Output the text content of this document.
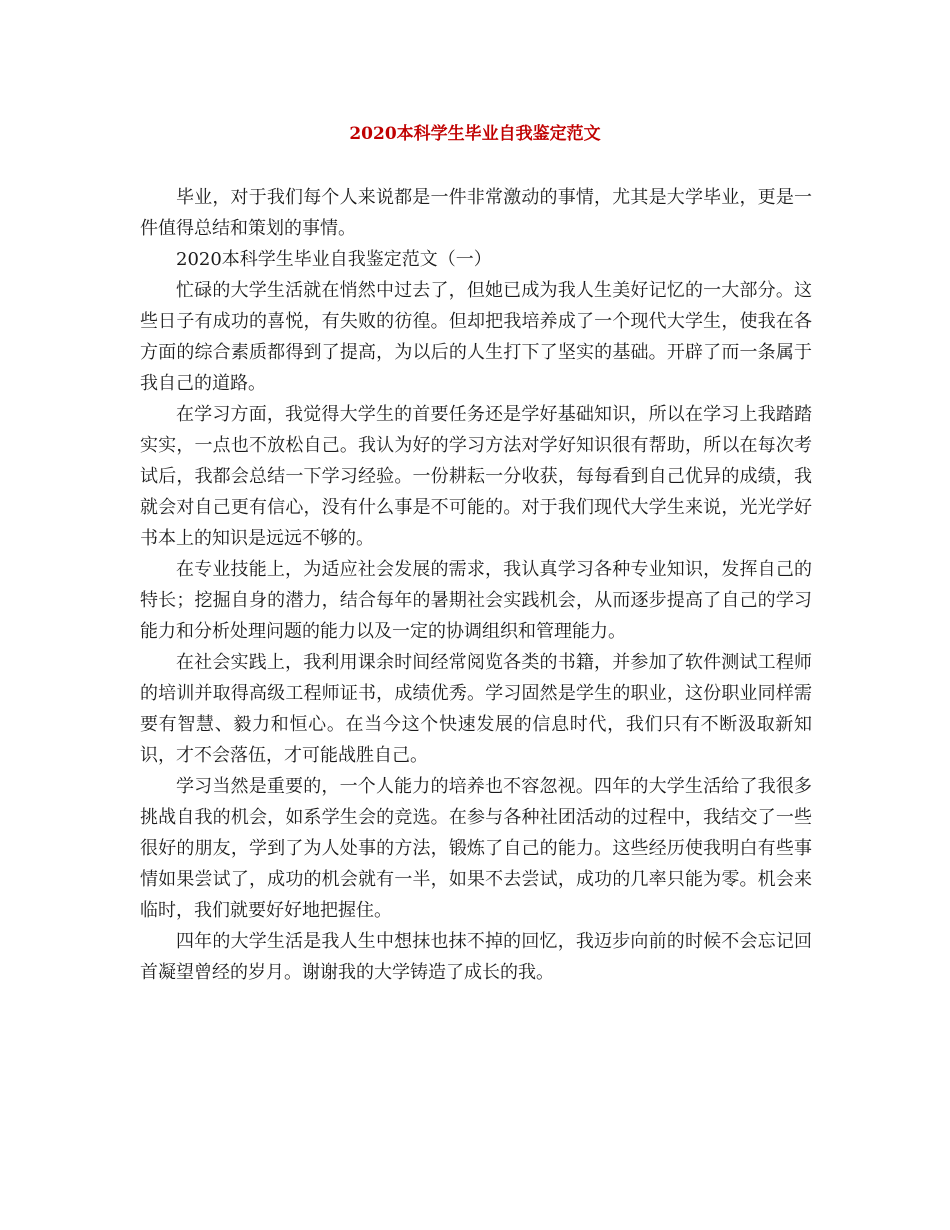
2020本科学生毕业自我鉴定范文

毕业，对于我们每个人来说都是一件非常激动的事情，尤其是大学毕业，更是一件值得总结和策划的事情。

2020本科学生毕业自我鉴定范文（一）

忙碌的大学生活就在悄然中过去了，但她已成为我人生美好记忆的一大部分。这些日子有成功的喜悦，有失败的彷徨。但却把我培养成了一个现代大学生，使我在各方面的综合素质都得到了提高，为以后的人生打下了坚实的基础。开辟了而一条属于我自己的道路。

在学习方面，我觉得大学生的首要任务还是学好基础知识，所以在学习上我踏踏实实，一点也不放松自己。我认为好的学习方法对学好知识很有帮助，所以在每次考试后，我都会总结一下学习经验。一份耕耘一分收获，每每看到自己优异的成绩，我就会对自己更有信心，没有什么事是不可能的。对于我们现代大学生来说，光光学好书本上的知识是远远不够的。

在专业技能上，为适应社会发展的需求，我认真学习各种专业知识，发挥自己的特长；挖掘自身的潜力，结合每年的暑期社会实践机会，从而逐步提高了自己的学习能力和分析处理问题的能力以及一定的协调组织和管理能力。

在社会实践上，我利用课余时间经常阅览各类的书籍，并参加了软件测试工程师的培训并取得高级工程师证书，成绩优秀。学习固然是学生的职业，这份职业同样需要有智慧、毅力和恒心。在当今这个快速发展的信息时代，我们只有不断汲取新知识，才不会落伍，才可能战胜自己。

学习当然是重要的，一个人能力的培养也不容忽视。四年的大学生活给了我很多挑战自我的机会，如系学生会的竞选。在参与各种社团活动的过程中，我结交了一些很好的朋友，学到了为人处事的方法，锻炼了自己的能力。这些经历使我明白有些事情如果尝试了，成功的机会就有一半，如果不去尝试，成功的几率只能为零。机会来临时，我们就要好好地把握住。

四年的大学生活是我人生中想抹也抹不掉的回忆，我迈步向前的时候不会忘记回首凝望曾经的岁月。谢谢我的大学铸造了成长的我。
